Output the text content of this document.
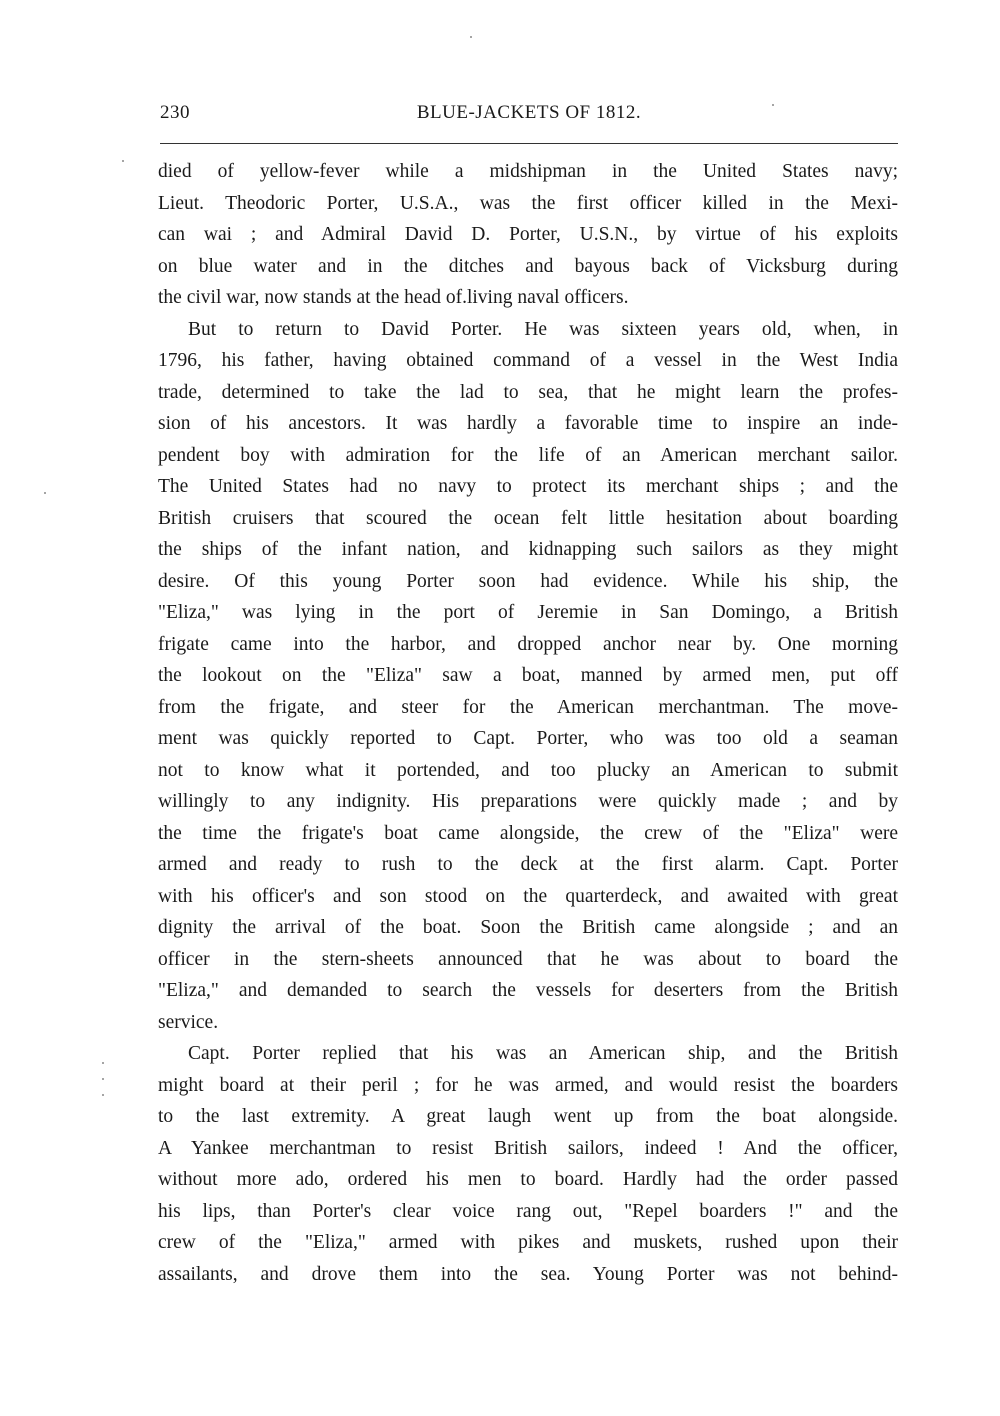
230	BLUE-JACKETS OF 1812.
died of yellow-fever while a midshipman in the United States navy;
Lieut. Theodoric Porter, U.S.A., was the first officer killed in the Mexi-
can wai ; and Admiral David D. Porter, U.S.N., by virtue of his exploits
on blue water and in the ditches and bayous back of Vicksburg during
the civil war, now stands at the head of.living naval officers.
But to return to David Porter. He was sixteen years old, when, in
1796, his father, having obtained command of a vessel in the West India
trade, determined to take the lad to sea, that he might learn the profes-
sion of his ancestors. It was hardly a favorable time to inspire an inde-
pendent boy with admiration for the life of an American merchant sailor.
The United States had no navy to protect its merchant ships ; and the
British cruisers that scoured the ocean felt little hesitation about boarding
the ships of the infant nation, and kidnapping such sailors as they might
desire. Of this young Porter soon had evidence. While his ship, the
"Eliza," was lying in the port of Jeremie in San Domingo, a British
frigate came into the harbor, and dropped anchor near by. One morning
the lookout on the "Eliza" saw a boat, manned by armed men, put off
from the frigate, and steer for the American merchantman. The move-
ment was quickly reported to Capt. Porter, who was too old a seaman
not to know what it portended, and too plucky an American to submit
willingly to any indignity. His preparations were quickly made ; and by
the time the frigate's boat came alongside, the crew of the "Eliza" were
armed and ready to rush to the deck at the first alarm. Capt. Porter
with his officer's and son stood on the quarterdeck, and awaited with great
dignity the arrival of the boat. Soon the British came alongside ; and an
officer in the stern-sheets announced that he was about to board the
"Eliza," and demanded to search the vessels for deserters from the British
service.
Capt. Porter replied that his was an American ship, and the British
might board at their peril ; for he was armed, and would resist the boarders
to the last extremity. A great laugh went up from the boat alongside.
A Yankee merchantman to resist British sailors, indeed ! And the officer,
without more ado, ordered his men to board. Hardly had the order passed
his lips, than Porter's clear voice rang out, "Repel boarders !" and the
crew of the "Eliza," armed with pikes and muskets, rushed upon their
assailants, and drove them into the sea. Young Porter was not behind-
